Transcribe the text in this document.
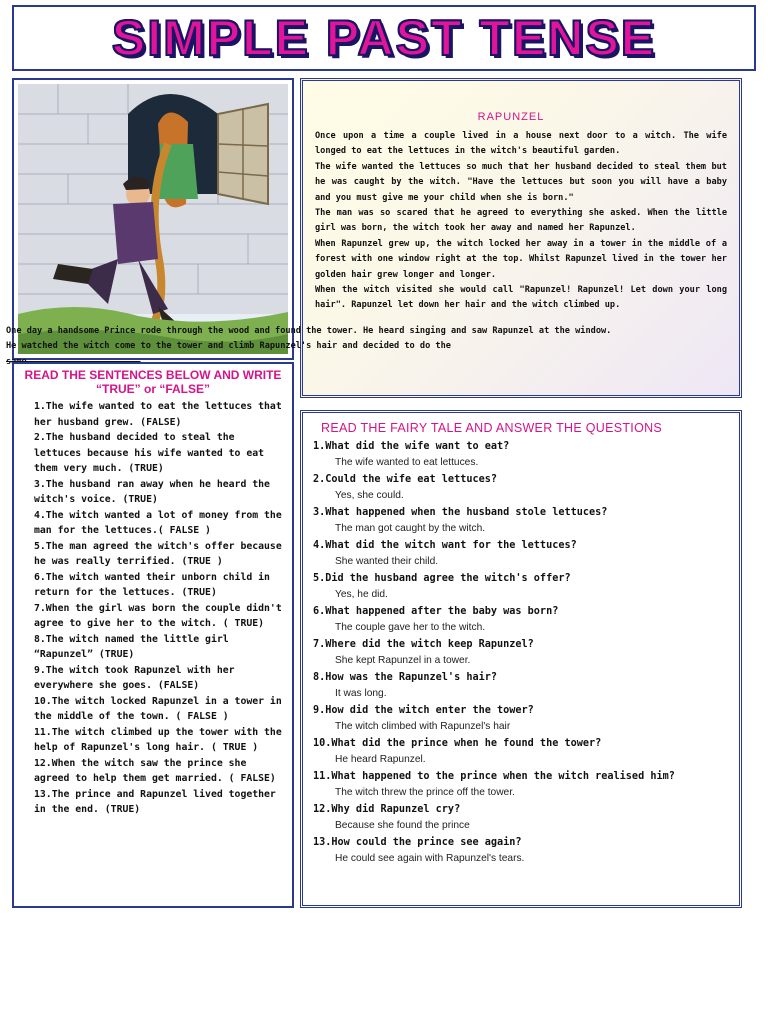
SIMPLE PAST TENSE
RAPUNZEL

Once upon a time a couple lived in a house next door to a witch. The wife longed to eat the lettuces in the witch's beautiful garden.

The wife wanted the lettuces so much that her husband decided to steal them but he was caught by the witch. "Have the lettuces but soon you will have a baby and you must give me your child when she is born."

The man was so scared that he agreed to everything she asked. When the little girl was born, the witch took her away and named her Rapunzel.

When Rapunzel grew up, the witch locked her away in a tower in the middle of a forest with one window right at the top. Whilst Rapunzel lived in the tower her golden hair grew longer and longer.

When the witch visited she would call "Rapunzel! Rapunzel! Let down your long hair". Rapunzel let down her hair and the witch climbed up.

One day a handsome Prince rode through the wood and found the tower. He heard singing and saw Rapunzel at the window.
He watched the witch come to the tower and climb Rapunzel's hair and decided to do the
same.………………………………………………………
READ THE SENTENCES BELOW AND WRITE “TRUE” or “FALSE”
1.The wife wanted to eat the lettuces that her husband grew. (FALSE)
2.The husband decided to steal the lettuces because his wife wanted to eat them very much. (TRUE)
3.The husband ran away when he heard the witch's voice. (TRUE)
4.The witch wanted a lot of money from the man for the lettuces.( FALSE )
5.The man agreed the witch's offer because he was really terrified. (TRUE )
6.The witch wanted their unborn child in return for the lettuces. (TRUE)
7.When the girl was born the couple didn't agree to give her to the witch. ( TRUE)
8.The witch named the little girl “Rapunzel” (TRUE)
9.The witch took Rapunzel with her everywhere she goes. (FALSE)
10.The witch locked Rapunzel in a tower in the middle of the town. ( FALSE )
11.The witch climbed up the tower with the help of Rapunzel's long hair. ( TRUE )
12.When the witch saw the prince she agreed to help them get married. ( FALSE)
13.The prince and Rapunzel lived together in the end. (TRUE)
READ THE FAIRY TALE AND ANSWER THE QUESTIONS

1.What did the wife want to eat?

The wife wanted to eat lettuces.

2.Could the wife eat lettuces?

Yes, she could.

3.What happened when the husband stole lettuces?

The man got caught by the witch.

4.What did the witch want for the lettuces?

She wanted their child.

5.Did the husband agree the witch's offer?

Yes, he did.

6.What happened after the baby was born?

The couple gave her to the witch.

7.Where did the witch keep Rapunzel?

She kept Rapunzel in a tower.

8.How was the Rapunzel's hair?

It was long.

9.How did the witch enter the tower?

The witch climbed with Rapunzel's hair

10.What did the prince when he found the tower?

He heard Rapunzel.

11.What happened to the prince when the witch realised him?

The witch threw the prince off the tower.

12.Why did Rapunzel cry?

Because she found the prince

13.How could the prince see again?

He could see again with Rapunzel's tears.
